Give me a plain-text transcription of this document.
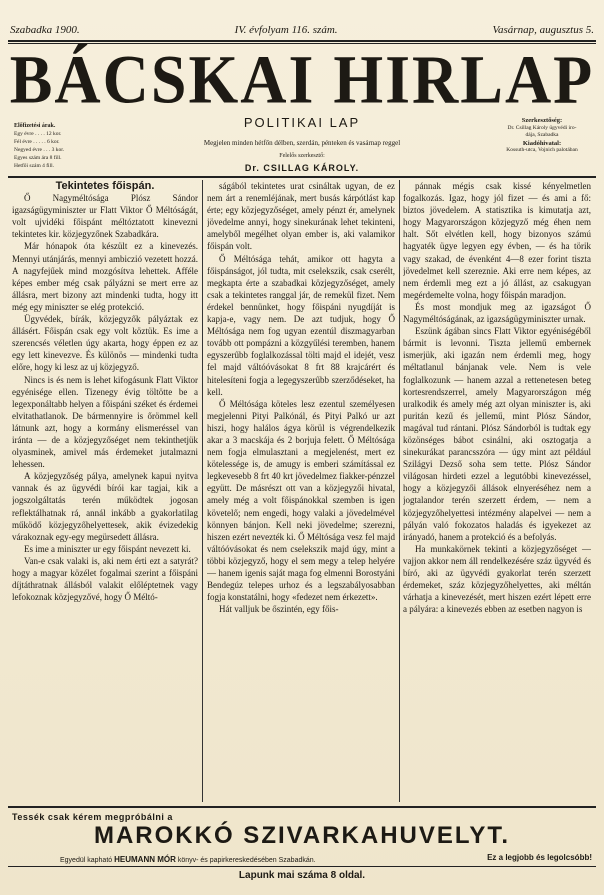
Szabadka 1900.	IV. évfolyam 116. szám.	Vasárnap, augusztus 5.
BÁCSKAI HIRLAP
POLITIKAI LAP
Előfizetési árak.
Egy évre . . . . 12 kor.
Fél évre . . . . . 6 kor.
Negyed évre . . . 3 kor.
Egyes szám ára 8 fill.
Hetfői szám 4 fill.
Szerkesztőség:
Dr. Csillag Károly ügyvédi iro-
dája, Szabadka
Kiadóhivatal:
Kossuth-utca, Vojnich palotában
Megjelen minden hétfőn délben, szerdán, pénteken és vasárnap reggel
Felelős szerkesztő:
Dr. CSILLAG KÁROLY.

Tekintetes főispán.

Ő Nagyméltósága Plósz Sándor igazságügyminiszter ur Flatt Viktor Ő Méltóságát, volt ujvidéki főispánt méltóztatott kinevezni tekintetes kir. közjegyzőnek Szabadkára.

Már hónapok óta készült ez a kinevezés. Mennyi utánjárás, mennyi ambiczió vezetett hozzá. A nagyfejűek mind mozgósítva lehettek. Afféle képes ember még csak pályázni se mert erre az állásra, mert bizony azt mindenki tudta, hogy itt még egy miniszter se elég protekció.

Ügyvédek, bírák, közjegyzők pályáztak ez állásért. Főispán csak egy volt köztük. Es ime a szerencsés véletlen úgy akarta, hogy éppen ez az egy lett kinevezve. És különös — mindenki tudta előre, hogy ki lesz az uj közjegyző.

Nincs is és nem is lehet kifogásunk Flatt Viktor egyénisége ellen. Tizenegy évig töltötte be a legexponáltabb helyen a főispáni széket és érdemei elvitathatlanok. De bármennyire is őrömmel kell látnunk azt, hogy a kormány elismeréssel van iránta — de a közjegyzőséget nem tekinthetjük olyasminek, amivel más érdemeket jutalmazni lehessen.

A közjegyzőség pálya, amelynek kapui nyitva vannak és az ügyvédi bírói kar tagjai, kik a jogszolgáltatás terén működtek jogosan reflektálhatnak rá, annál inkább a gyakorlatilag működő közjegyzőhelyettesek, akik évizedekig várakoznak egy-egy megürsedett állásra.

Es ime a miniszter ur egy főispánt nevezett ki.

Van-e csak valaki is, aki nem érti ezt a satyrát? hogy a magyar közélet fogalmai szerint a főispáni díjtáthratnak állásból valakit előléptetnek vagy lefokoznak közjegyzővé, hogy Ő Méltó-

ságából tekintetes urat csináltak ugyan, de ez nem árt a renemléjának, mert busás kárpótlást kap érte; egy közjegyzőséget, amely pénzt ér, amelynek jövedelme annyi, hogy sinekurának lehet tekinteni, amelyből megélhet olyan ember is, aki valamikor főispán volt.

Ő Méltósága tehát, amikor ott hagyta a főispánságot, jól tudta, mit cselekszik, csak cserélt, megkapta érte a szabadkai közjegyzőséget, amely csak a tekintetes ranggal jár, de remekül fizet. Nem érdekel bennünket, hogy főispáni nyugdíját is kapja-e, vagy nem. De azt tudjuk, hogy Ő Méltósága nem fog ugyan ezentúl diszmagyarban tovább ott pompázni a közgyűlési teremben, hanem egyszerűbb foglalkozással tölti majd el idejét, vesz fel majd váltóóvásokat 8 frt 88 krajcárért és hitelesíteni fogja a legegyszerűbb szerződéseket, ha kell.

Ő Méltósága köteles lesz ezentul személyesen megjelenni Pityi Palkónál, és Pityi Palkó ur azt hiszi, hogy halálos ágya körül is végrendelkezik akar a 3 macskája és 2 borjuja felett. Ő Méltósága nem fogja elmulasztani a megjelenést, mert ez kötelessége is, de amugy is emberi számítással ez legkevesebb 8 frt 40 krt jövedelmez fiakker-pénzzel együtt. De másrészt ott van a közjegyzői hivatal, amely még a volt főispánokkal szemben is igen követelő; nem engedi, hogy valaki a jövedelmével könnyen bánjon. Kell neki jövedelme; szerezni, hiszen ezért nevezték ki. Ő Méltósága vesz fel majd váltóóvásokat és nem cselekszik majd úgy, mint a többi közjegyző, hogy el sem megy a telep helyére — hanem igenis saját maga fog elmenni Borostyáni Bendegúz telepes urhoz és a legszabályosabban fogja konstatálni, hogy «fedezet nem érkezett».

Hát valljuk be őszintén, egy főis-

pánnak mégis csak kissé kényelmetlen fogalkozás. Igaz, hogy jól fizet — és ami a fő: biztos jövedelem. A statisztika is kimutatja azt, hogy Magyarországon közjegyző még éhen nem halt. Sőt elvétlen kell, hogy bizonyos számú hagyaték ügye legyen egy évben, — és ha törik vagy szakad, de évenként 4—8 ezer forint tiszta jövedelmet kell szereznie. Aki erre nem képes, az nem érdemli meg ezt a jó állást, az csakugyan megérdemelte volna, hogy főispán maradjon.

És most mondjuk meg az igazságot Ő Nagyméltóságának, az igazságügyminiszter urnak.

Eszünk ágában sincs Flatt Viktor egyéniségéből bármit is levonni. Tiszta jellemű embernek ismerjük, aki igazán nem érdemli meg, hogy méltatlanul bánjanak vele. Nem is vele foglalkozunk — hanem azzal a rettenetesen beteg kortesrendszerrel, amely Magyarországon még uralkodik és amely még azt olyan miniszter is, aki puritán kezű és jellemű, mint Plósz Sándor, magával tud rántani. Plósz Sándorból is tudtak egy közönséges bábot csinálni, aki osztogatja a sinekurákat parancsszóra — úgy mint azt például Szilágyi Dezső soha sem tette. Plósz Sándor világosan hirdeti ezzel a legutóbbi kinevezéssel, hogy a közjegyzői állások elnyeréséhez nem a jogtalandor terén szerzett érdem, — nem a közjegyzőhelyettesi intézmény alapelvei — nem a pályán való fokozatos haladás és igyekezet az irányadó, hanem a protekció és a befolyás.

Ha munkakörnek tekinti a közjegyzőséget — vajjon akkor nem áll rendelkezésére száz ügyvéd és bíró, aki az ügyvédi gyakorlat terén szerzett érdemeket, száz közjegyzőhelyettes, aki méltán várhatja a kinevezését, mert hiszen ezért lépett erre a pályára: a kinevezés ebben az esetben nagyon is

Tessék csak kérem megpróbálni a
MAROKKÓ SZIVARKAHUVELYT.
Egyedül kapható HEUMANN MÓR könyv- és papirkereskedésében Szabadkán.	Ez a legjobb és legolcsóbb!
Lapunk mai száma 8 oldal.
